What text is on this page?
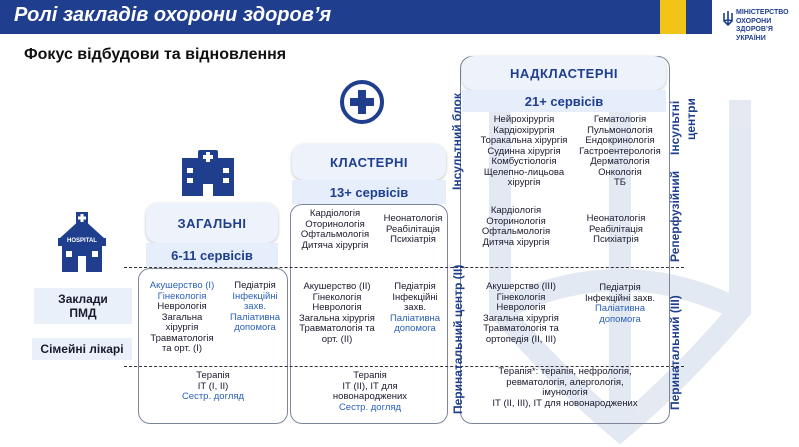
Ролі закладів охорони здоров’я	МІНІСТЕРСТВО
ОХОРОНИ
ЗДОРОВ’Я
УКРАЇНИ
Фокус відбудови та відновлення
HOSPITAL
Заклади
ПМД
Сімейні лікарі
ЗАГАЛЬНІ
6-11 сервісів
Акушерство (І)
Гінекологія
Неврологія
Загальна
хірургія
Травматологія
та орт. (І)
Педіатрія
Інфекційні
захв.
Паліативна
допомога
Терапія
ІТ (І, ІІ)
Сестр. догляд
КЛАСТЕРНІ
13+ сервісів
Кардіологія
Оторинологія
Офтальмологія
Дитяча хірургія
Неонатологія
Реабілітація
Психіатрія
Акушерство (ІІ)
Гінекологія
Неврологія
Загальна хірургія
Травматологія та
орт. (ІІ)
Педіатрія
Інфекційні
захв.
Паліативна
допомога
Терапія
ІТ (ІІ), ІТ для
новонароджених
Сестр. догляд
НАДКЛАСТЕРНІ
21+ сервісів
Нейрохірургія
Кардіохірургія
Торакальна хірургія
Судинна хірургія
Комбустіологія
Щелепно-лицьова
хірургія
Гематологія
Пульмонологія
Ендокринологія
Гастроентерологія
Дерматологія
Онкологія
ТБ
Кардіологія
Оторинологія
Офтальмологія
Дитяча хірургія
Неонатологія
Реабілітація
Психіатрія
Акушерство (ІІІ)
Гінекологія
Неврологія
Загальна хірургія
Травматологія та
ортопедія (ІІ, ІІІ)
Педіатрія
Інфекційні захв.
Паліативна
допомога
Терапія*: терапія, нефрологія,
ревматологія, алергологія,
імунологія
ІТ (ІІ, ІІІ), ІТ для новонароджених
Інсультний блок
Перинатальний центр (ІІ)
Інсультні центри
Реперфузійний
Перинатальний (ІІІ)
